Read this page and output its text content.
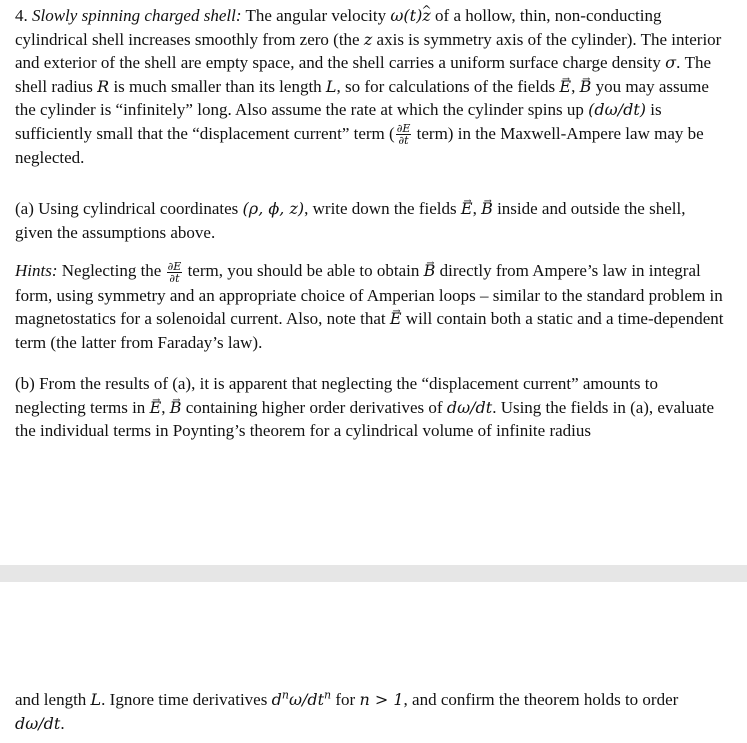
4. Slowly spinning charged shell: The angular velocity ω(t)z ^ of a hollow, thin, non-conducting cylindrical shell increases smoothly from zero (the z axis is symmetry axis of the cylinder). The interior and exterior of the shell are empty space, and the shell carries a uniform surface charge density σ. The shell radius R is much smaller than its length L, so for calculations of the fields E →, B → you may assume the cylinder is “infinitely” long. Also assume the rate at which the cylinder spins up (dω/dt) is sufficiently small that the “displacement current” term ( $\frac{\partial E}{\partial t}$ term) in the Maxwell-Ampere law may be neglected.

(a) Using cylindrical coordinates (ρ, ϕ, z), write down the fields E →, B → inside and outside the shell, given the assumptions above.

Hints: Neglecting the $\frac{\partial E}{\partial t}$ term, you should be able to obtain B → directly from Ampere’s law in integral form, using symmetry and an appropriate choice of Amperian loops – similar to the standard problem in magnetostatics for a solenoidal current. Also, note that E → will contain both a static and a time-dependent term (the latter from Faraday’s law).

(b) From the results of (a), it is apparent that neglecting the “displacement current” amounts to neglecting terms in E →, B → containing higher order derivatives of dω/dt. Using the fields in (a), evaluate the individual terms in Poynting’s theorem for a cylindrical volume of infinite radius

and length L. Ignore time derivatives $d^n\omega/dt^n$ for n > 1, and confirm the theorem holds to order dω/dt.
